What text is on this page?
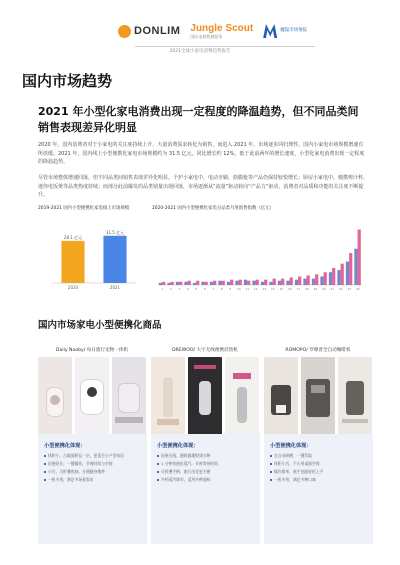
DONLIM Jungle Scout
国际电商数据服务
魔镜市场情报
2021全球小家电消费趋势报告
国内市场趋势
2021 年小型化家电消费出现一定程度的降温趋势，但不同品类间销售表现差异化明显
2020 年，国内消费者对于小家电的关注度持续上升，大量消费需求转化为销售，而进入 2021 年，市场逐步回归理性，国内小家电市场规模增速有所放缓。2021 年，国内线上小型便携化家电市场规模约为 31.5 亿元，同比增长约 12%，低于此前两年的增长速度，小型化家电消费出现一定程度的降温趋势。
尽管市场整体增速回落，但不同品类间销售表现差异化明显。个护小家电中，电动牙刷、筋膜枪等产品仍保持较快增长；厨房小家电中，便携榨汁杯、迷你电饭煲等品类热度持续；而部分此前爆发的品类销量出现回落，市场逐渐从“流量”驱动转向“产品力”驱动，消费者对品质和功能的关注度不断提升。
2019-2021 国内小型便携化家电线上市场规模
28.1 亿元
2020
31.5 亿元
2021
2020-2021 国内小型便携化家电分品类月度销售指数（亿元）
1 2 3 4 5 6 7 8 9 10 11 12 13 14 15 16 17 18 19 20 21 22 23 24
国内市场家电小型便携化商品
Daily Nooby/ 每日旅行宠物一体机	DREWOO/ 大宇无线便携挂烫机	ROMOPO/ 罗摩普全自动咖啡机
小型便携化体现：
体积小，占地面积仅一层，更适合小户型家居
轻便设计，一键操作，节省时间与空间
小巧，可折叠收纳，方便随身携带
一机多用，满足多场景需求
小型便携化体现：
轻便无线，随时随地熨烫衣物
1 分钟快速出蒸汽，节省等待时间
可折叠手柄，旅行出差更方便
多档蒸汽调节，适用多种面料
小型便携化体现：
全自动研磨，一键萃取
体积小巧，不占用桌面空间
操作简单，新手也能轻松上手
一机多用，满足多种口味
